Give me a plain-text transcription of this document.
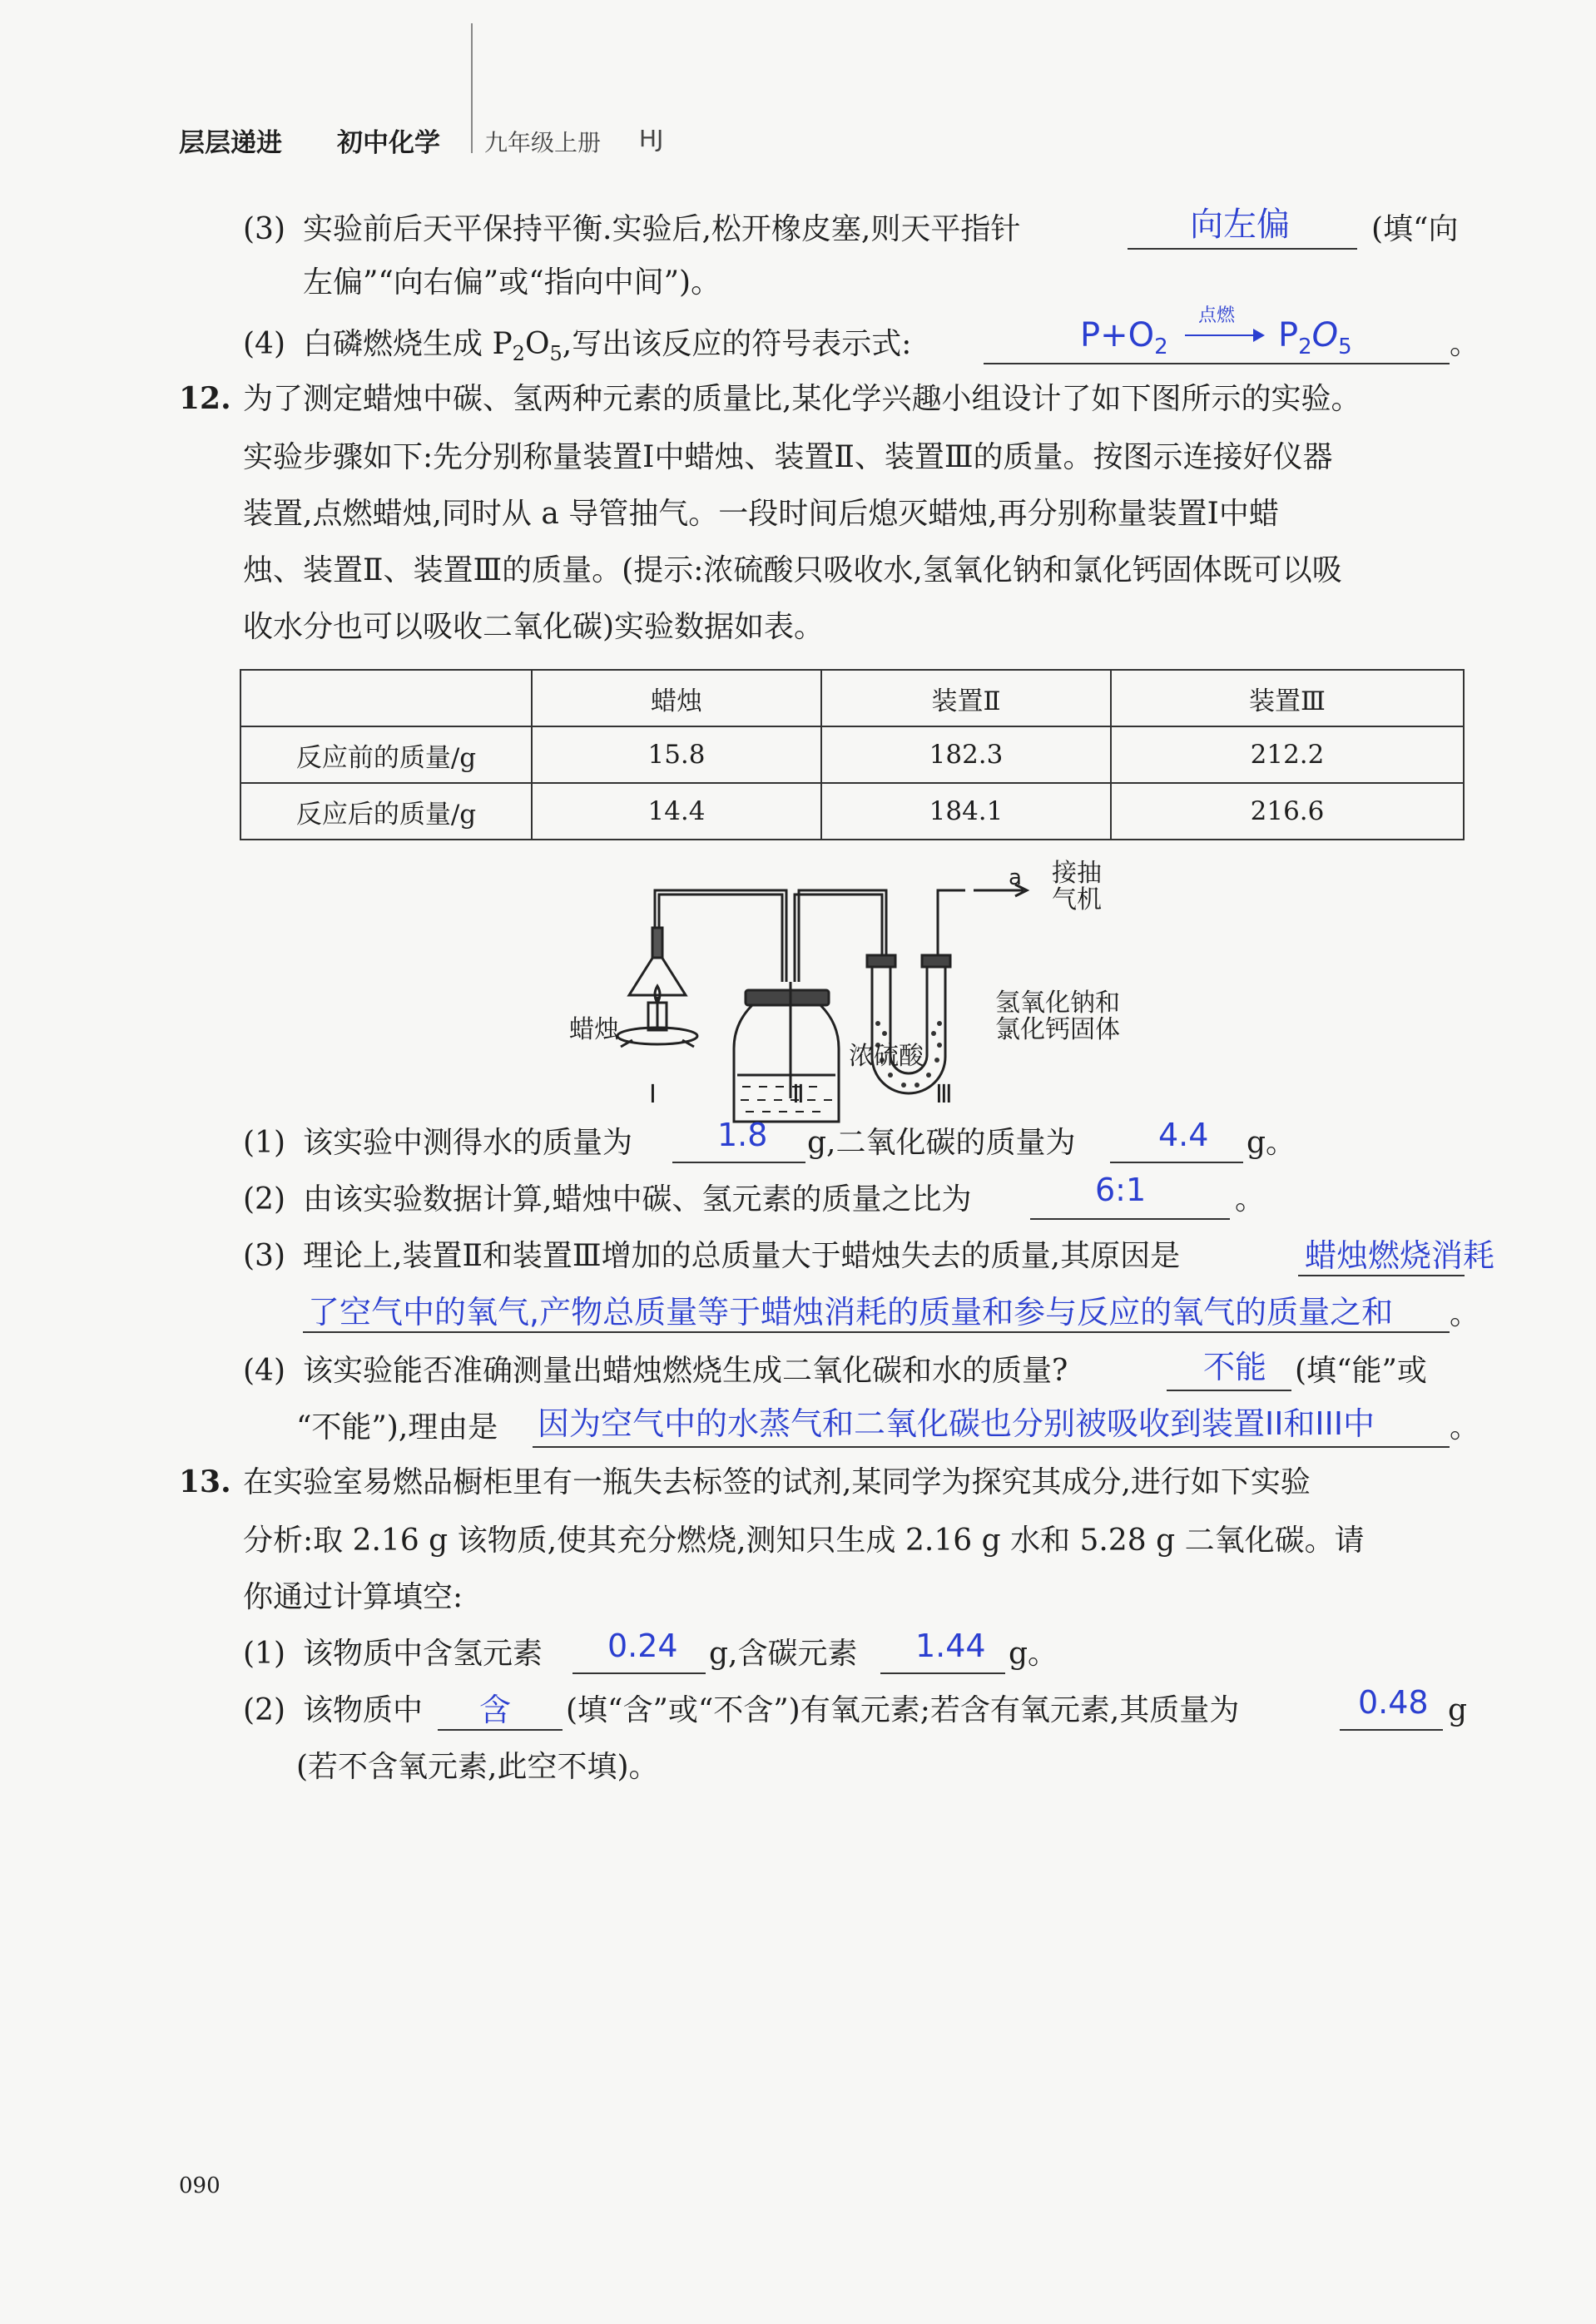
层层递进 初中化学 九年级上册 HJ
(3) 实验前后天平保持平衡.实验后,松开橡皮塞,则天平指针	向左偏	(填“向
左偏”“向右偏”或“指向中间”)。
(4) 白磷燃烧生成 $P_2O_5$,写出该反应的符号表示式:	。
$P+O_2$
点燃
$P_2O_5$
12. 为了测定蜡烛中碳、氢两种元素的质量比,某化学兴趣小组设计了如下图所示的实验。
实验步骤如下:先分别称量装置Ⅰ中蜡烛、装置Ⅱ、装置Ⅲ的质量。按图示连接好仪器
装置,点燃蜡烛,同时从 a 导管抽气。一段时间后熄灭蜡烛,再分别称量装置Ⅰ中蜡
烛、装置Ⅱ、装置Ⅲ的质量。(提示:浓硫酸只吸收水,氢氧化钠和氯化钙固体既可以吸
收水分也可以吸收二氧化碳)实验数据如表。
	蜡烛	装置Ⅱ	装置Ⅲ
反应前的质量/g	15.8	182.3	212.2
反应后的质量/g	14.4	184.1	216.6
a 接抽
气机
蜡烛
浓硫酸
氢氧化钠和
氯化钙固体
Ⅰ	Ⅱ	Ⅲ
(1) 该实验中测得水的质量为	1.8 g,二氧化碳的质量为	4.4 g。
(2) 由该实验数据计算,蜡烛中碳、氢元素的质量之比为	6:1	。
(3) 理论上,装置Ⅱ和装置Ⅲ增加的总质量大于蜡烛失去的质量,其原因是	蜡烛燃烧消耗
了空气中的氧气,产物总质量等于蜡烛消耗的质量和参与反应的氧气的质量之和 。
(4) 该实验能否准确测量出蜡烛燃烧生成二氧化碳和水的质量?	不能 (填“能”或
“不能”),理由是 因为空气中的水蒸气和二氧化碳也分别被吸收到装置II和III中 。
13. 在实验室易燃品橱柜里有一瓶失去标签的试剂,某同学为探究其成分,进行如下实验
分析:取 2.16 g 该物质,使其充分燃烧,测知只生成 2.16 g 水和 5.28 g 二氧化碳。请
你通过计算填空:
(1) 该物质中含氢元素 0.24 g,含碳元素 1.44 g。
(2) 该物质中 含 (填“含”或“不含”)有氧元素;若含有氧元素,其质量为	0.48 g
(若不含氧元素,此空不填)。
090
